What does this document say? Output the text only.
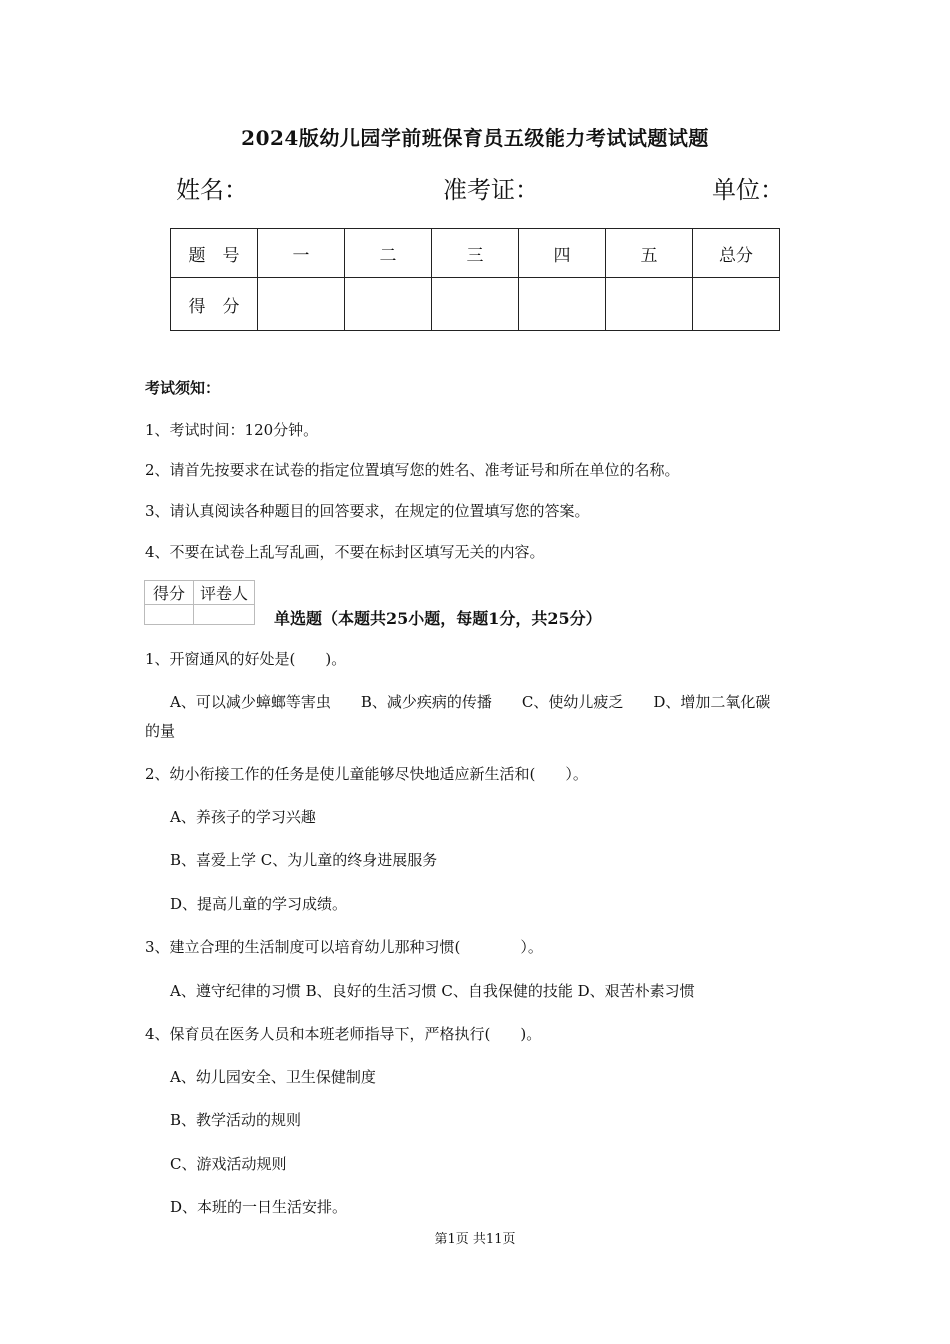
2024版幼儿园学前班保育员五级能力考试试题试题
姓名：	准考证：	单位：
题　号	一	二	三	四	五	总分
得　分						
考试须知：
1、考试时间：120分钟。
2、请首先按要求在试卷的指定位置填写您的姓名、准考证号和所在单位的名称。
3、请认真阅读各种题目的回答要求，在规定的位置填写您的答案。
4、不要在试卷上乱写乱画，不要在标封区填写无关的内容。
得分	评卷人

单选题（本题共25小题，每题1分，共25分）
1、开窗通风的好处是(　　)。
A、可以减少蟑螂等害虫　　B、减少疾病的传播　　C、使幼儿疲乏　　D、增加二氧化碳
的量
2、幼小衔接工作的任务是使儿童能够尽快地适应新生活和(　　）。
A、养孩子的学习兴趣
B、喜爱上学 C、为儿童的终身进展服务
D、提高儿童的学习成绩。
3、建立合理的生活制度可以培育幼儿那种习惯(　　　　）。
A、遵守纪律的习惯 B、良好的生活习惯 C、自我保健的技能 D、艰苦朴素习惯
4、保育员在医务人员和本班老师指导下，严格执行(　　)。
A、幼儿园安全、卫生保健制度
B、教学活动的规则
C、游戏活动规则
D、本班的一日生活安排。
第1页 共11页
